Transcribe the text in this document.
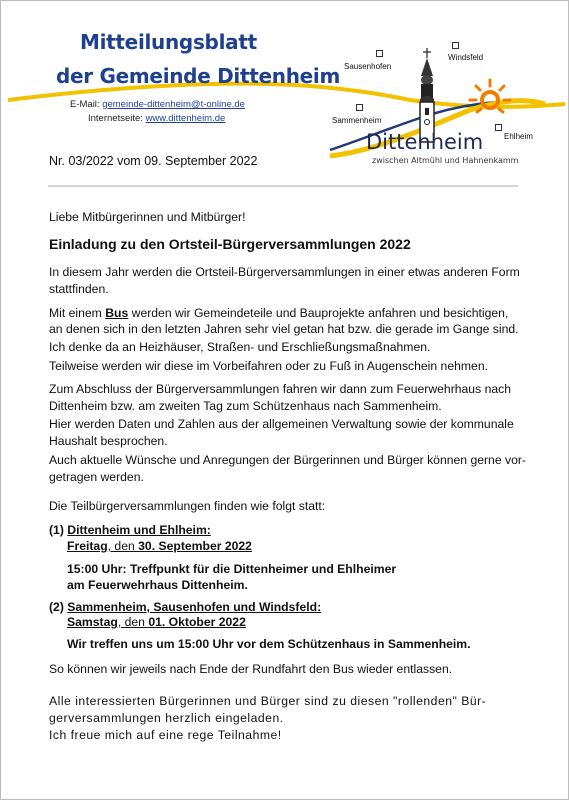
Mitteilungsblatt
der Gemeinde Dittenheim
E-Mail: gemeinde-dittenheim@t-online.de
Internetseite: www.dittenheim.de
Nr. 03/2022 vom 09. September 2022
Sausenhofen
Windsfeld
Sammenheim
Ehlheim
Dittenheim
zwischen Altmühl und Hahnenkamm
Liebe Mitbürgerinnen und Mitbürger!
Einladung zu den Ortsteil-Bürgerversammlungen 2022
In diesem Jahr werden die Ortsteil-Bürgerversammlungen in einer etwas anderen Form
stattfinden.
Mit einem Bus werden wir Gemeindeteile und Bauprojekte anfahren und besichtigen,
an denen sich in den letzten Jahren sehr viel getan hat bzw. die gerade im Gange sind.
Ich denke da an Heizhäuser, Straßen- und Erschließungsmaßnahmen.
Teilweise werden wir diese im Vorbeifahren oder zu Fuß in Augenschein nehmen.
Zum Abschluss der Bürgerversammlungen fahren wir dann zum Feuerwehrhaus nach
Dittenheim bzw. am zweiten Tag zum Schützenhaus nach Sammenheim.
Hier werden Daten und Zahlen aus der allgemeinen Verwaltung sowie der kommunale
Haushalt besprochen.
Auch aktuelle Wünsche und Anregungen der Bürgerinnen und Bürger können gerne vor-
getragen werden.
Die Teilbürgerversammlungen finden wie folgt statt:
(1) Dittenheim und Ehlheim:
Freitag, den 30. September 2022
15:00 Uhr: Treffpunkt für die Dittenheimer und Ehlheimer
am Feuerwehrhaus Dittenheim.
(2) Sammenheim, Sausenhofen und Windsfeld:
Samstag, den 01. Oktober 2022
Wir treffen uns um 15:00 Uhr vor dem Schützenhaus in Sammenheim.
So können wir jeweils nach Ende der Rundfahrt den Bus wieder entlassen.
Alle interessierten Bürgerinnen und Bürger sind zu diesen "rollenden" Bür-
gerversammlungen herzlich eingeladen.
Ich freue mich auf eine rege Teilnahme!
